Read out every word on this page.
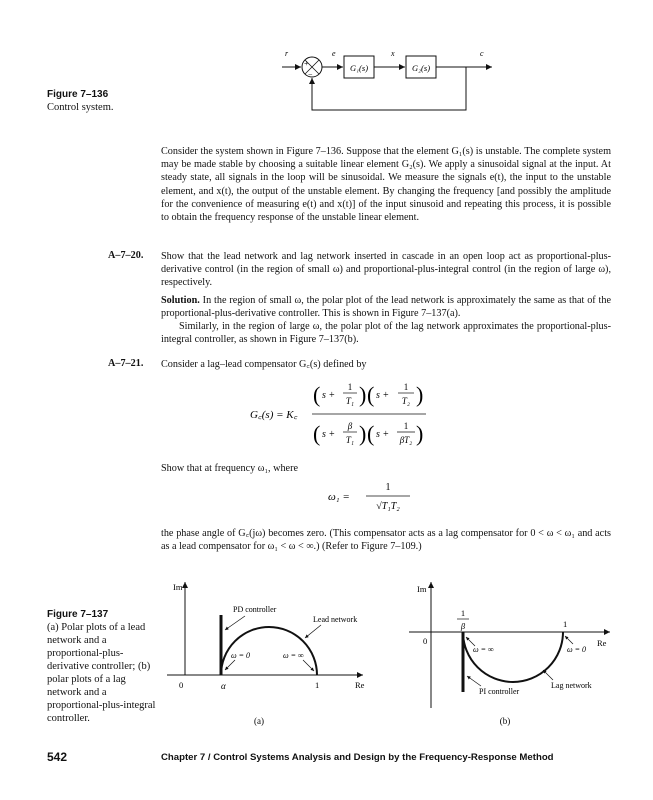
+
−
G₁(s)	G₂(s)
r	e	x	c
Figure 7–136
Control system.
Consider the system shown in Figure 7–136. Suppose that the element G₁(s) is unstable. The complete system may be made stable by choosing a suitable linear element G₂(s). We apply a sinusoidal signal at the input. At steady state, all signals in the loop will be sinusoidal. We measure the signals e(t), the input to the unstable element, and x(t), the output of the unstable element. By changing the frequency [and possibly the amplitude for the convenience of measuring e(t) and x(t)] of the input sinusoid and repeating this process, it is possible to obtain the frequency response of the unstable linear element.
A–7–20. Show that the lead network and lag network inserted in cascade in an open loop act as proportional-plus-derivative control (in the region of small ω) and proportional-plus-integral control (in the region of large ω), respectively.
Solution. In the region of small ω, the polar plot of the lead network is approximately the same as that of the proportional-plus-derivative controller. This is shown in Figure 7–137(a).
Similarly, in the region of large ω, the polar plot of the lag network approximates the proportional-plus-integral controller, as shown in Figure 7–137(b).
A–7–21. Consider a lag–lead compensator G꜀(s) defined by
G꜀(s) = K꜀
( s +
1
T₁ ) ( s +
1
T₂ )
( s +
β
T₁ ) ( s +
1
βT₂ )
Show that at frequency ω₁, where
ω₁ =
1
√T₁T₂
the phase angle of G꜀(jω) becomes zero. (This compensator acts as a lag compensator for 0 < ω < ω₁ and acts as a lead compensator for ω₁ < ω < ∞.) (Refer to Figure 7–109.)
Figure 7–137
(a) Polar plots of a lead network and a proportional-plus-derivative controller; (b) polar plots of a lag network and a proportional-plus-integral controller.
Im
Re
0	α	1
PD controller
Lead network
ω = 0	ω = ∞
(a)
Im
Re
0
1
β	1
PI controller
Lag network
ω = ∞	ω = 0
(b)
542	Chapter 7 / Control Systems Analysis and Design by the Frequency-Response Method
